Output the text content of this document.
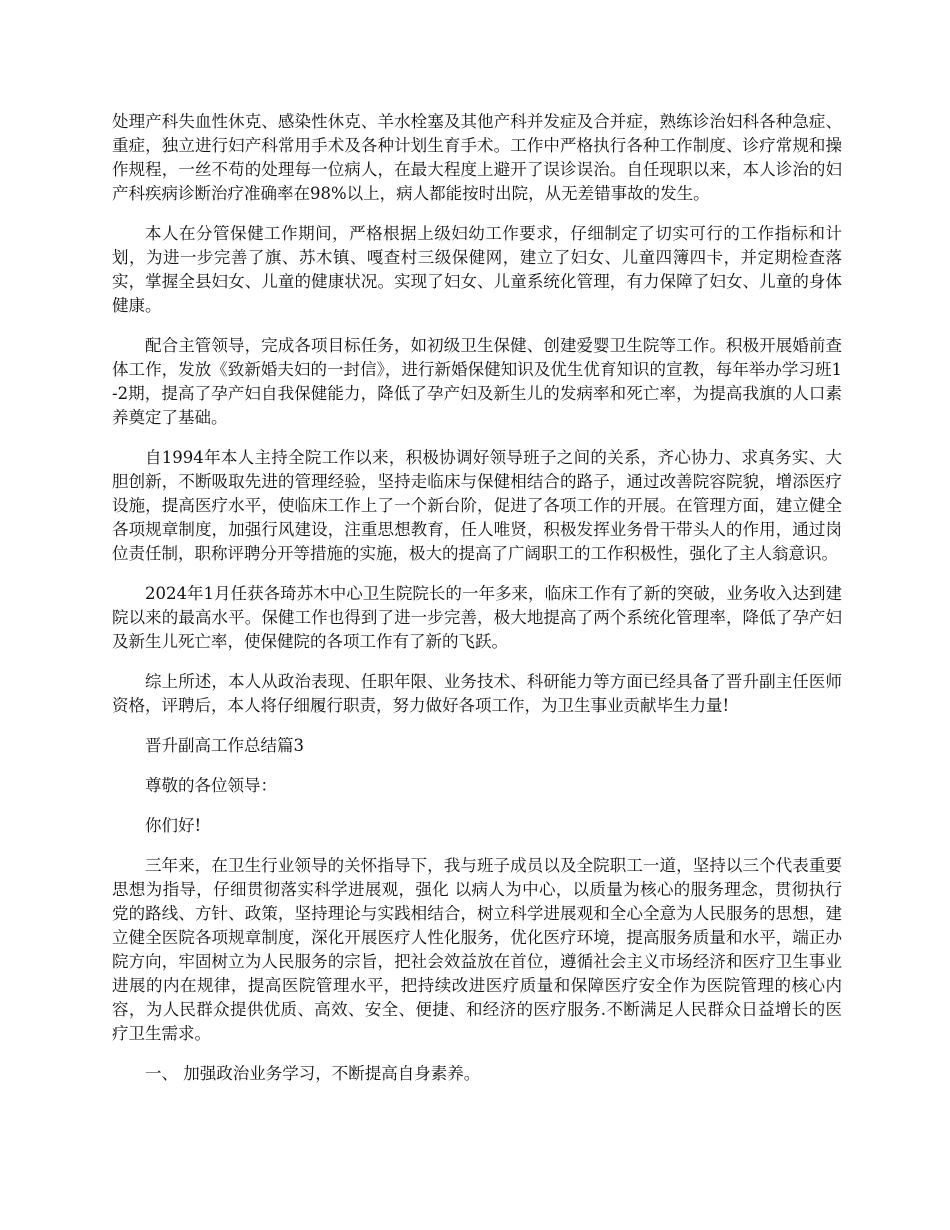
处理产科失血性休克、感染性休克、羊水栓塞及其他产科并发症及合并症，熟练诊治妇科各种急症、重症，独立进行妇产科常用手术及各种计划生育手术。工作中严格执行各种工作制度、诊疗常规和操作规程，一丝不苟的处理每一位病人，在最大程度上避开了误诊误治。自任现职以来，本人诊治的妇产科疾病诊断治疗准确率在98%以上，病人都能按时出院，从无差错事故的发生。

本人在分管保健工作期间，严格根据上级妇幼工作要求，仔细制定了切实可行的工作指标和计划，为进一步完善了旗、苏木镇、嘎查村三级保健网，建立了妇女、儿童四簿四卡，并定期检查落实，掌握全县妇女、儿童的健康状况。实现了妇女、儿童系统化管理，有力保障了妇女、儿童的身体健康。

配合主管领导，完成各项目标任务，如初级卫生保健、创建爱婴卫生院等工作。积极开展婚前查体工作，发放《致新婚夫妇的一封信》，进行新婚保健知识及优生优育知识的宣教，每年举办学习班1-2期，提高了孕产妇自我保健能力，降低了孕产妇及新生儿的发病率和死亡率，为提高我旗的人口素养奠定了基础。

自1994年本人主持全院工作以来，积极协调好领导班子之间的关系，齐心协力、求真务实、大胆创新，不断吸取先进的管理经验，坚持走临床与保健相结合的路子，通过改善院容院貌，增添医疗设施，提高医疗水平，使临床工作上了一个新台阶，促进了各项工作的开展。在管理方面，建立健全各项规章制度，加强行风建设，注重思想教育，任人唯贤，积极发挥业务骨干带头人的作用，通过岗位责任制，职称评聘分开等措施的实施，极大的提高了广阔职工的工作积极性，强化了主人翁意识。

2024年1月任获各琦苏木中心卫生院院长的一年多来，临床工作有了新的突破，业务收入达到建院以来的最高水平。保健工作也得到了进一步完善，极大地提高了两个系统化管理率，降低了孕产妇及新生儿死亡率，使保健院的各项工作有了新的飞跃。

综上所述，本人从政治表现、任职年限、业务技术、科研能力等方面已经具备了晋升副主任医师资格，评聘后，本人将仔细履行职责，努力做好各项工作，为卫生事业贡献毕生力量!

晋升副高工作总结篇3

尊敬的各位领导：

你们好!

三年来，在卫生行业领导的关怀指导下，我与班子成员以及全院职工一道，坚持以三个代表重要思想为指导，仔细贯彻落实科学进展观，强化 以病人为中心，以质量为核心的服务理念，贯彻执行党的路线、方针、政策，坚持理论与实践相结合，树立科学进展观和全心全意为人民服务的思想，建立健全医院各项规章制度，深化开展医疗人性化服务，优化医疗环境，提高服务质量和水平，端正办院方向，牢固树立为人民服务的宗旨，把社会效益放在首位，遵循社会主义市场经济和医疗卫生事业进展的内在规律，提高医院管理水平，把持续改进医疗质量和保障医疗安全作为医院管理的核心内容，为人民群众提供优质、高效、安全、便捷、和经济的医疗服务.不断满足人民群众日益增长的医疗卫生需求。

一、 加强政治业务学习，不断提高自身素养。
